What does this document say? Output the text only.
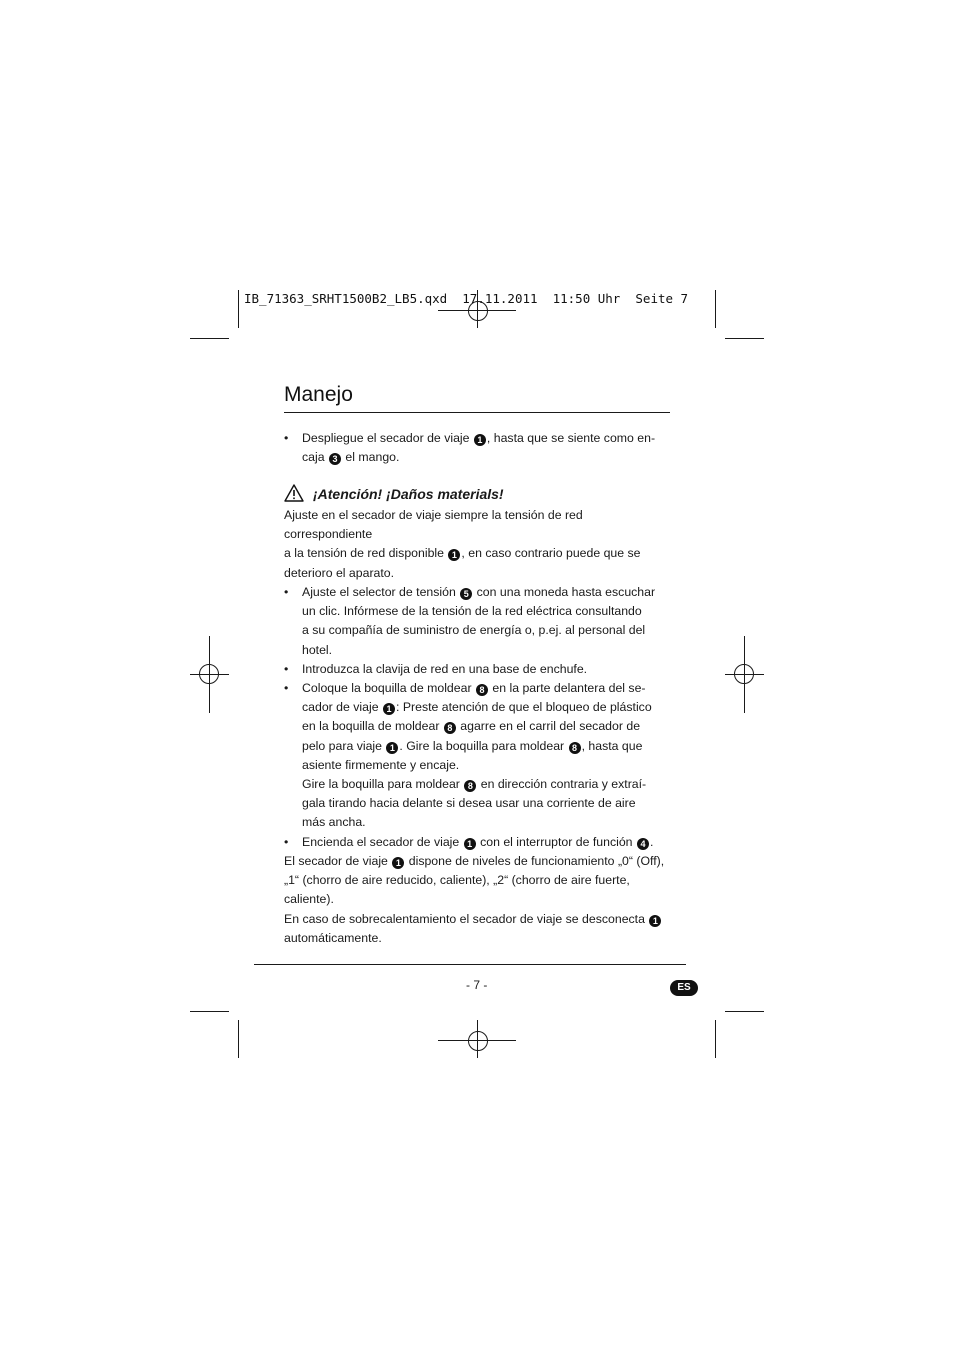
IB_71363_SRHT1500B2_LB5.qxd 17.11.2011 11:50 Uhr Seite 7
Manejo
• Despliegue el secador de viaje 1 , hasta que se siente como en-
caja 3 el mango.
¡Atención! ¡Daños materials!
Ajuste en el secador de viaje siempre la tensión de red correspondiente
a la tensión de red disponible 1 , en caso contrario puede que se
deterioro el aparato.
• Ajuste el selector de tensión 5 con una moneda hasta escuchar
un clic. Infórmese de la tensión de la red eléctrica consultando
a su compañía de suministro de energía o, p.ej. al personal del
hotel.
• Introduzca la clavija de red en una base de enchufe.
• Coloque la boquilla de moldear 8 en la parte delantera del se-
cador de viaje 1 : Preste atención de que el bloqueo de plástico
en la boquilla de moldear 8 agarre en el carril del secador de
pelo para viaje 1 . Gire la boquilla para moldear 8 , hasta que
asiente firmemente y encaje.
Gire la boquilla para moldear 8 en dirección contraria y extraí-
gala tirando hacia delante si desea usar una corriente de aire
más ancha.
• Encienda el secador de viaje 1 con el interruptor de función 4 .
El secador de viaje 1 dispone de niveles de funcionamiento „0“ (Off),
„1“ (chorro de aire reducido, caliente), „2“ (chorro de aire fuerte,
caliente).
En caso de sobrecalentamiento el secador de viaje se desconecta 1
automáticamente.
- 7 -	ES
